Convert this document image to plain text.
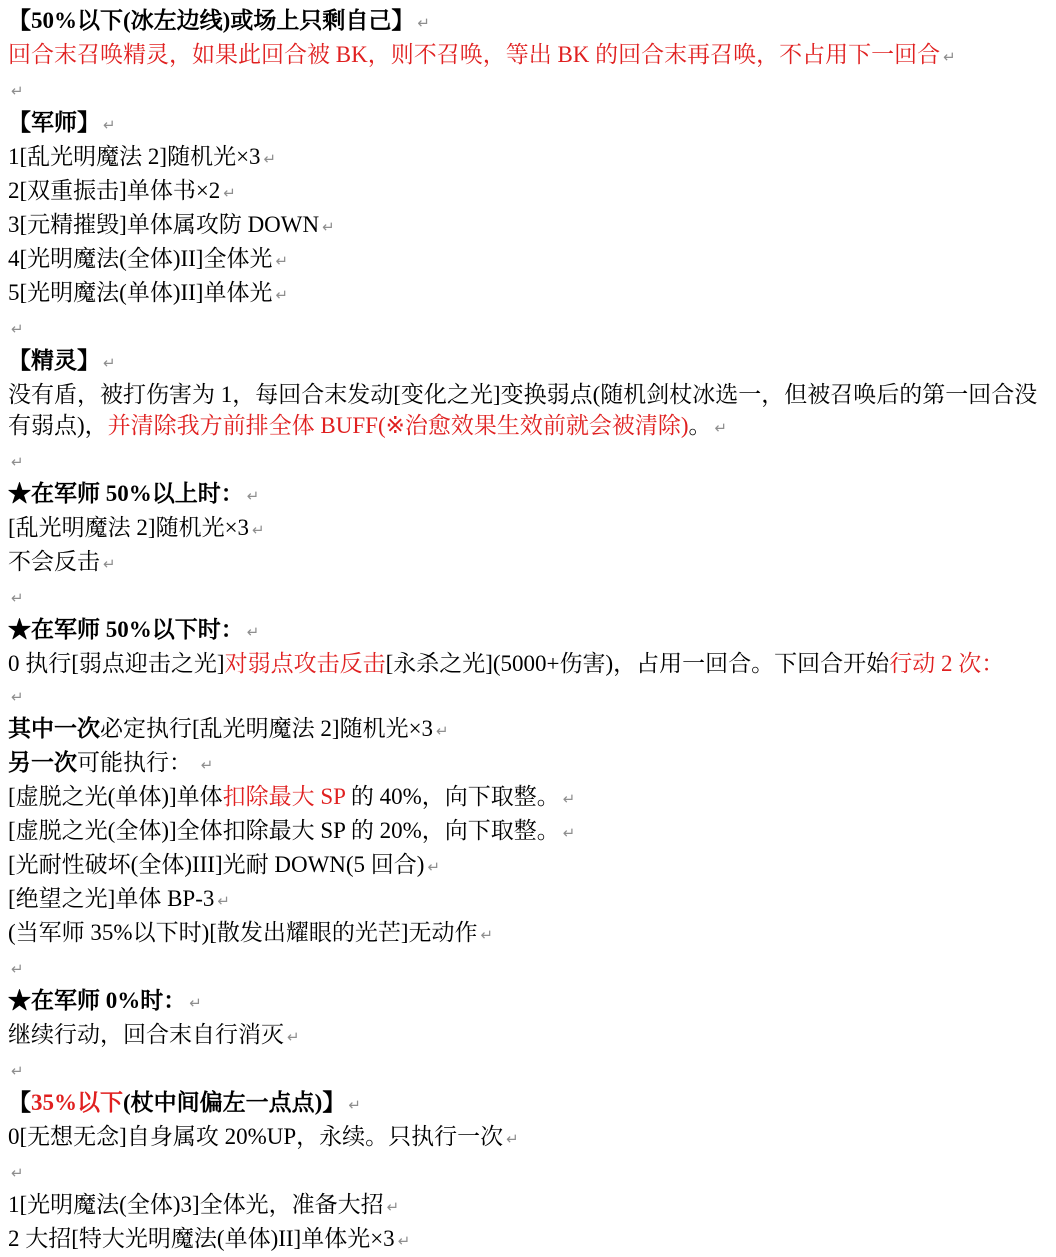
【50%以下(冰左边线)或场上只剩自己】 ↵
回合末召唤精灵，如果此回合被 BK，则不召唤，等出 BK 的回合末再召唤，不占用下一回合 ↵
↵
【军师】 ↵
1[乱光明魔法 2]随机光×3 ↵
2[双重振击]单体书×2 ↵
3[元精摧毁]单体属攻防 DOWN ↵
4[光明魔法(全体)II]全体光 ↵
5[光明魔法(单体)II]单体光 ↵
↵
【精灵】 ↵
没有盾，被打伤害为 1，每回合末发动[变化之光]变换弱点(随机剑杖冰选一，但被召唤后的第一回合没有弱点)，并清除我方前排全体 BUFF(※治愈效果生效前就会被清除)。 ↵
↵
★在军师 50%以上时： ↵
[乱光明魔法 2]随机光×3 ↵
不会反击 ↵
↵
★在军师 50%以下时： ↵
0 执行[弱点迎击之光]对弱点攻击反击[永杀之光](5000+伤害)，占用一回合。下回合开始行动 2 次：
↵
其中一次必定执行[乱光明魔法 2]随机光×3 ↵
另一次可能执行： ↵
[虚脱之光(单体)]单体扣除最大 SP 的 40%，向下取整。 ↵
[虚脱之光(全体)]全体扣除最大 SP 的 20%，向下取整。 ↵
[光耐性破坏(全体)III]光耐 DOWN(5 回合) ↵
[绝望之光]单体 BP-3 ↵
(当军师 35%以下时)[散发出耀眼的光芒]无动作 ↵
↵
★在军师 0%时： ↵
继续行动，回合末自行消灭 ↵
↵
【35%以下(杖中间偏左一点点)】 ↵
0[无想无念]自身属攻 20%UP，永续。只执行一次 ↵
↵
1[光明魔法(全体)3]全体光，准备大招 ↵
2 大招[特大光明魔法(单体)II]单体光×3 ↵
